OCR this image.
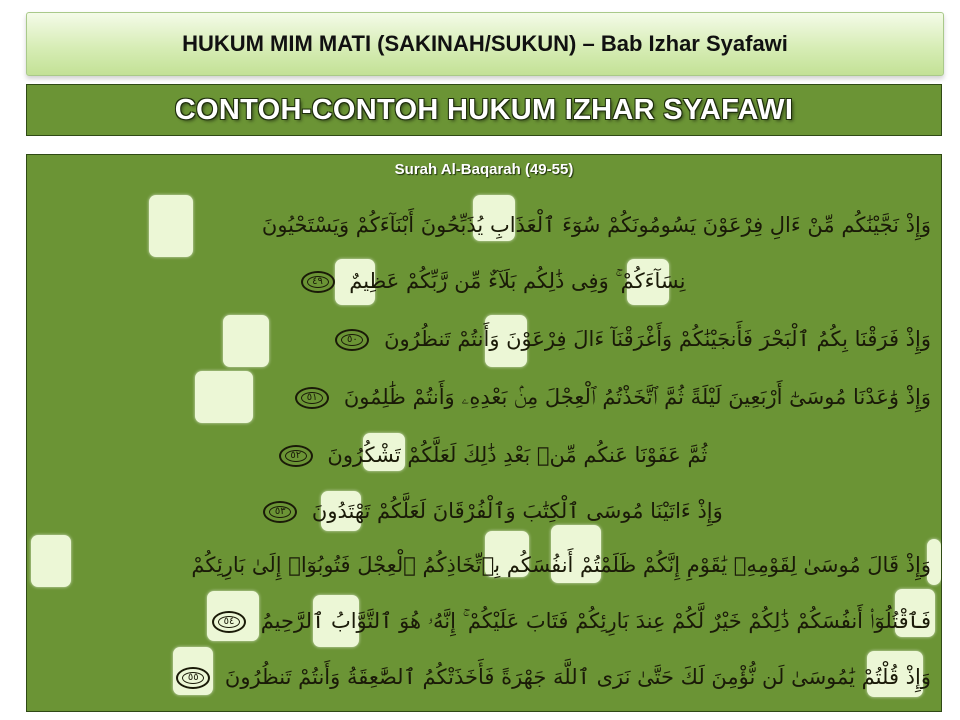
HUKUM MIM MATI (SAKINAH/SUKUN) – Bab Izhar Syafawi
CONTOH-CONTOH HUKUM IZHAR SYAFAWI
Surah Al-Baqarah (49-55)
وَإِذْ نَجَّيْنَٰكُم مِّنْ ءَالِ فِرْعَوْنَ يَسُومُونَكُمْ سُوٓءَ ٱلْعَذَابِ يُذَبِّحُونَ أَبْنَآءَكُمْ وَيَسْتَحْيُونَ
نِسَآءَكُمْ ۚ وَفِى ذَٰلِكُم بَلَآءٌ مِّن رَّبِّكُمْ عَظِيمٌ ٤٩
وَإِذْ فَرَقْنَا بِكُمُ ٱلْبَحْرَ فَأَنجَيْنَٰكُمْ وَأَغْرَقْنَآ ءَالَ فِرْعَوْنَ وَأَنتُمْ تَنظُرُونَ ٥٠
وَإِذْ وَٰعَدْنَا مُوسَىٰٓ أَرْبَعِينَ لَيْلَةً ثُمَّ ٱتَّخَذْتُمُ ٱلْعِجْلَ مِنۢ بَعْدِهِۦ وَأَنتُمْ ظَٰلِمُونَ ٥١
ثُمَّ عَفَوْنَا عَنكُم مِّنۢ بَعْدِ ذَٰلِكَ لَعَلَّكُمْ تَشْكُرُونَ ٥٢
وَإِذْ ءَاتَيْنَا مُوسَى ٱلْكِتَٰبَ وَٱلْفُرْقَانَ لَعَلَّكُمْ تَهْتَدُونَ ٥٣
وَإِذْ قَالَ مُوسَىٰ لِقَوْمِهِۦ يَٰقَوْمِ إِنَّكُمْ ظَلَمْتُمْ أَنفُسَكُم بِٱتِّخَاذِكُمُ ٱلْعِجْلَ فَتُوبُوٓا۟ إِلَىٰ بَارِئِكُمْ
فَٱقْتُلُوٓا۟ أَنفُسَكُمْ ذَٰلِكُمْ خَيْرٌ لَّكُمْ عِندَ بَارِئِكُمْ فَتَابَ عَلَيْكُمْ ۚ إِنَّهُۥ هُوَ ٱلتَّوَّابُ ٱلرَّحِيمُ ٥٤
وَإِذْ قُلْتُمْ يَٰمُوسَىٰ لَن نُّؤْمِنَ لَكَ حَتَّىٰ نَرَى ٱللَّهَ جَهْرَةً فَأَخَذَتْكُمُ ٱلصَّٰعِقَةُ وَأَنتُمْ تَنظُرُونَ ٥٥
